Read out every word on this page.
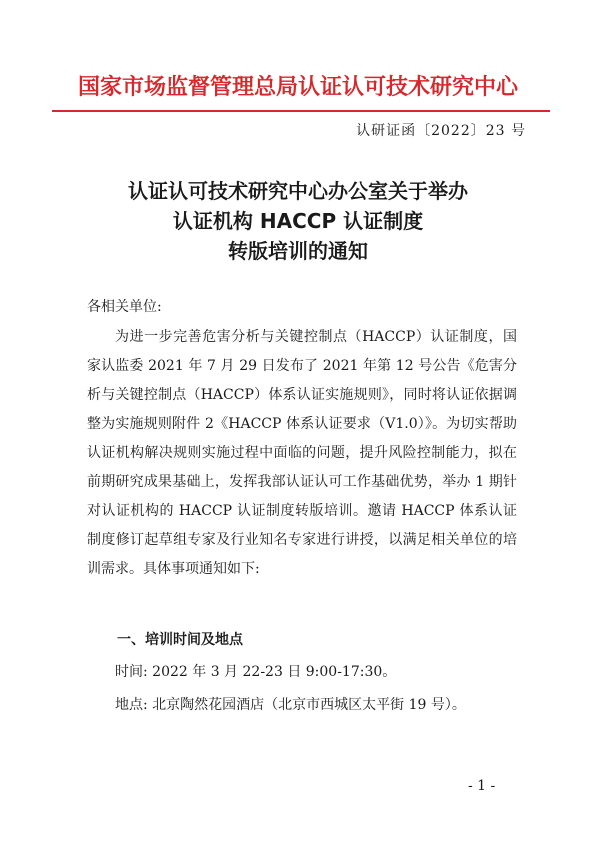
国家市场监督管理总局认证认可技术研究中心
认研证函〔2022〕23 号
认证认可技术研究中心办公室关于举办
认证机构 HACCP 认证制度
转版培训的通知
各相关单位:
为进一步完善危害分析与关键控制点（HACCP）认证制度，国家认监委 2021 年 7 月 29 日发布了 2021 年第 12 号公告《危害分析与关键控制点（HACCP）体系认证实施规则》，同时将认证依据调整为实施规则附件 2《HACCP 体系认证要求（V1.0）》。为切实帮助认证机构解决规则实施过程中面临的问题，提升风险控制能力，拟在前期研究成果基础上，发挥我部认证认可工作基础优势，举办 1 期针对认证机构的 HACCP 认证制度转版培训。邀请 HACCP 体系认证制度修订起草组专家及行业知名专家进行讲授，以满足相关单位的培训需求。具体事项通知如下:
一、培训时间及地点
时间: 2022 年 3 月 22-23 日 9:00-17:30。
地点: 北京陶然花园酒店（北京市西城区太平街 19 号）。
- 1 -
